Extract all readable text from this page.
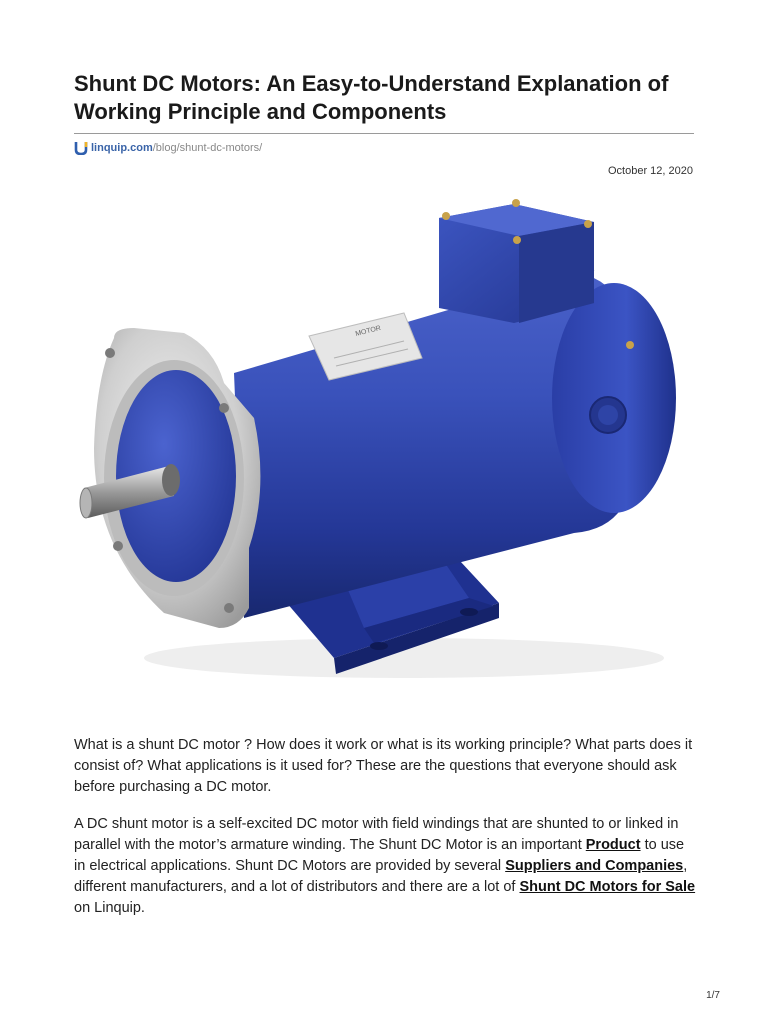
Shunt DC Motors: An Easy-to-Understand Explanation of Working Principle and Components
linquip.com/blog/shunt-dc-motors/
October 12, 2020
MOTOR

What is a shunt DC motor ? How does it work or what is its working principle? What parts does it consist of? What applications is it used for? These are the questions that everyone should ask before purchasing a DC motor.

A DC shunt motor is a self-excited DC motor with field windings that are shunted to or linked in parallel with the motor’s armature winding. The Shunt DC Motor is an important Product to use in electrical applications. Shunt DC Motors are provided by several Suppliers and Companies, different manufacturers, and a lot of distributors and there are a lot of Shunt DC Motors for Sale on Linquip.

1/7
